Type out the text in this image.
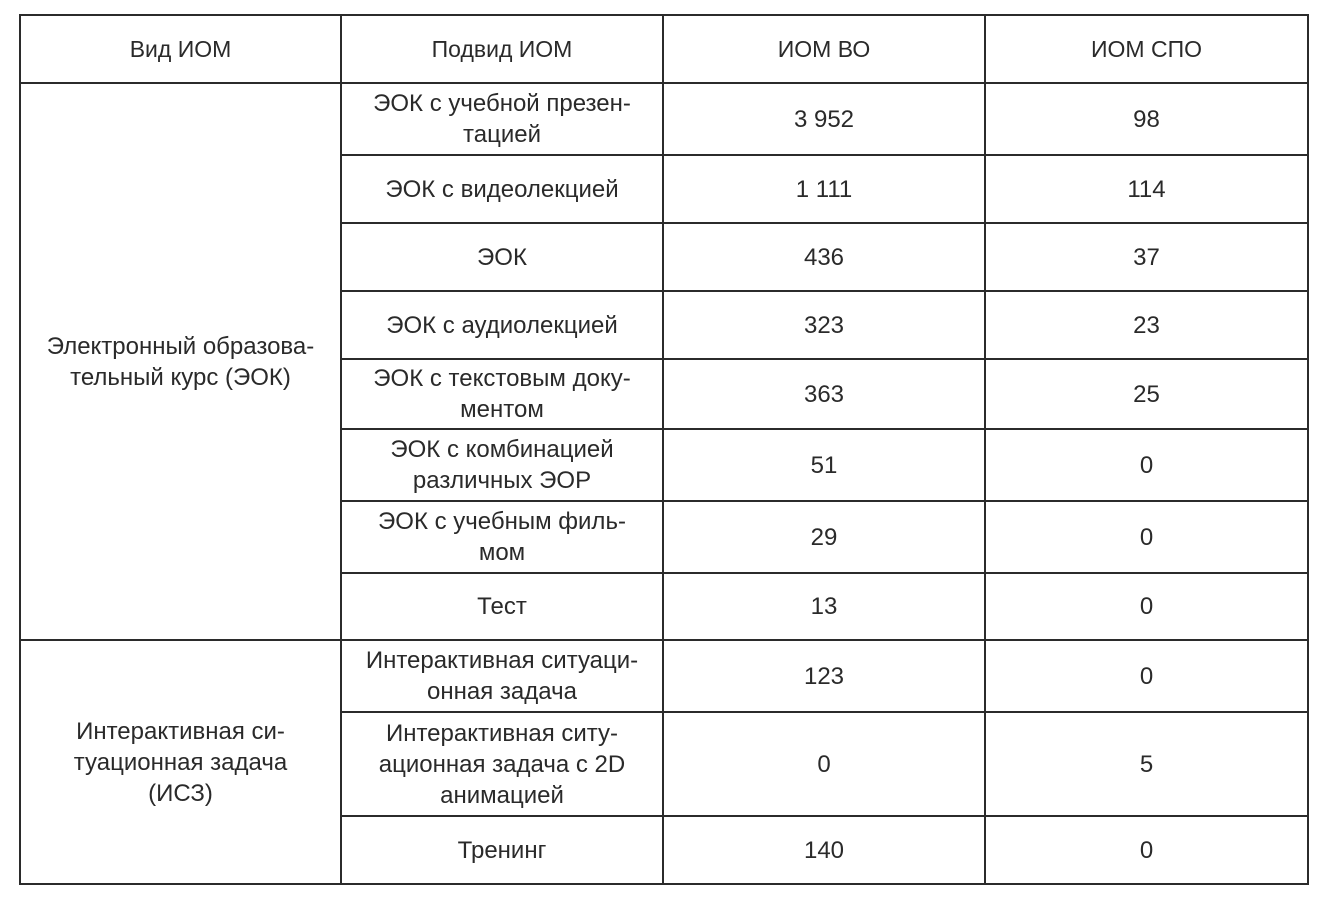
Вид ИОМ	Подвид ИОМ	ИОМ ВО	ИОМ СПО
Электронный образова-
тельный курс (ЭОК)	ЭОК с учебной презен-
тацией	3 952	98
	ЭОК с видеолекцией	1 111	114
	ЭОК	436	37
	ЭОК с аудиолекцией	323	23
	ЭОК с текстовым доку-
ментом	363	25
	ЭОК с комбинацией
различных ЭОР	51	0
	ЭОК с учебным филь-
мом	29	0
	Тест	13	0
Интерактивная си-
туационная задача
(ИСЗ)	Интерактивная ситуаци-
онная задача	123	0
	Интерактивная ситу-
ационная задача с 2D
анимацией	0	5
	Тренинг	140	0
